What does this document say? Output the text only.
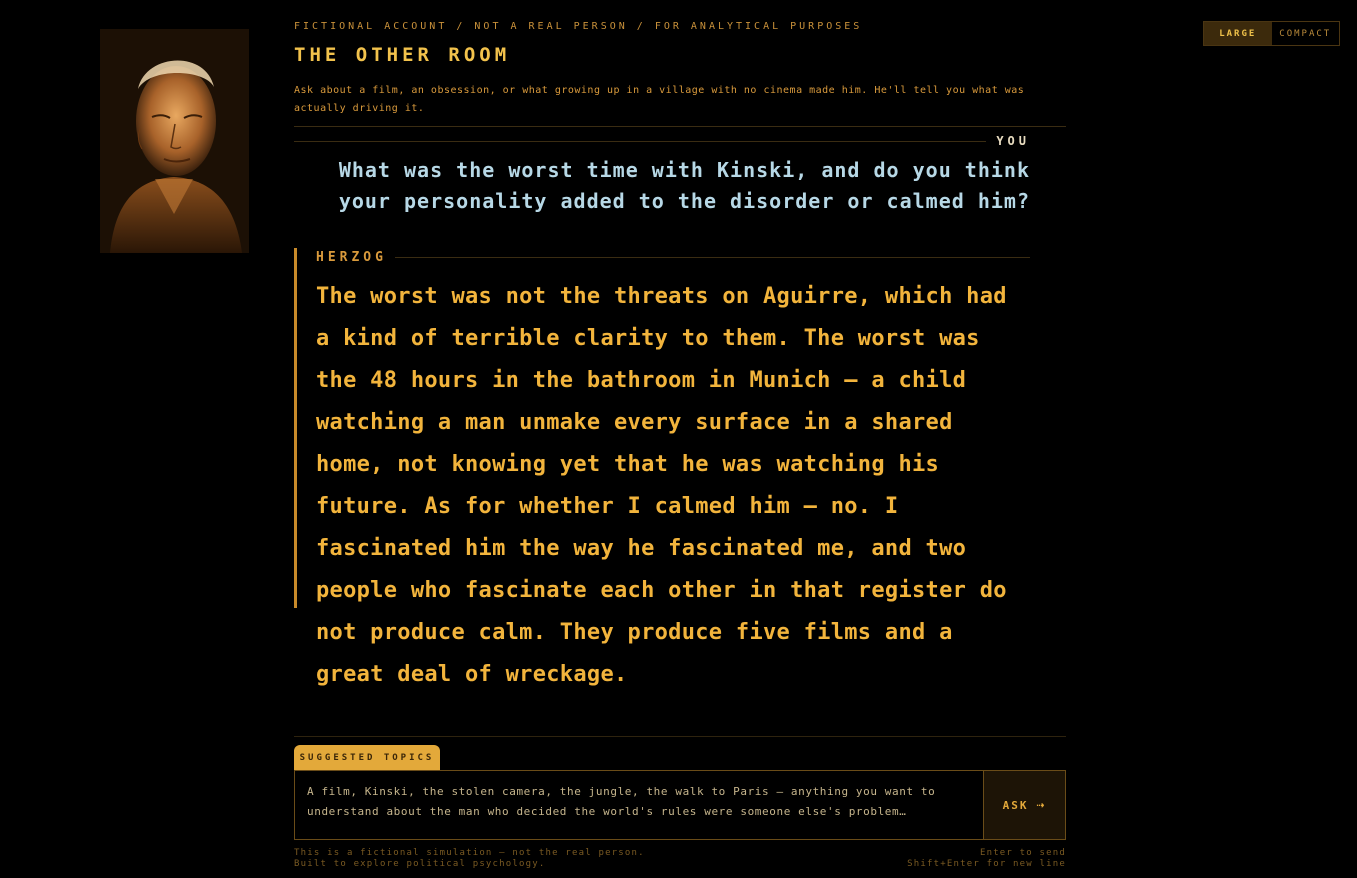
LARGE	COMPACT
FICTIONAL ACCOUNT / NOT A REAL PERSON / FOR ANALYTICAL PURPOSES
THE OTHER ROOM
Ask about a film, an obsession, or what growing up in a village with no cinema made him. He'll tell you what was actually driving it.
YOU
What was the worst time with Kinski, and do you think your personality added to the disorder or calmed him?
HERZOG
The worst was not the threats on Aguirre, which had a kind of terrible clarity to them. The worst was the 48 hours in the bathroom in Munich — a child watching a man unmake every surface in a shared home, not knowing yet that he was watching his future. As for whether I calmed him — no. I fascinated him the way he fascinated me, and two people who fascinate each other in that register do not produce calm. They produce five films and a great deal of wreckage.
SUGGESTED TOPICS
A film, Kinski, the stolen camera, the jungle, the walk to Paris — anything you want to understand about the man who decided the world's rules were someone else's problem…	ASK ⇢
This is a fictional simulation — not the real person.
Built to explore political psychology.
Enter to send
Shift+Enter for new line
